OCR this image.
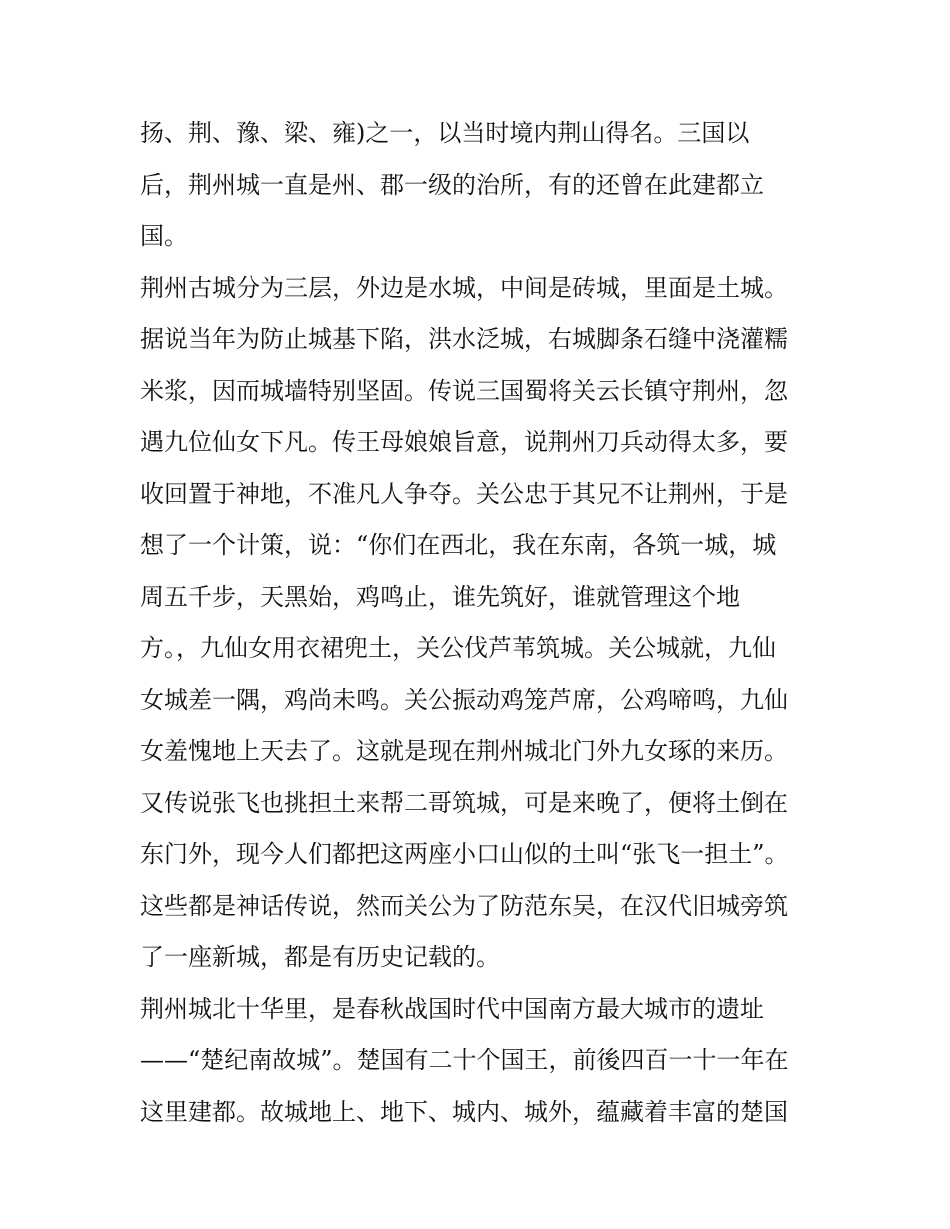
扬、荆、豫、梁、雍)之一，以当时境内荆山得名。三国以

后，荆州城一直是州、郡一级的治所，有的还曾在此建都立

国。

荆州古城分为三层，外边是水城，中间是砖城，里面是土城。

据说当年为防止城基下陷，洪水泛城，右城脚条石缝中浇灌糯

米浆，因而城墙特别坚固。传说三国蜀将关云长镇守荆州，忽

遇九位仙女下凡。传王母娘娘旨意，说荆州刀兵动得太多，要

收回置于神地，不准凡人争夺。关公忠于其兄不让荆州，于是

想了一个计策，说：“你们在西北，我在东南，各筑一城，城

周五千步，天黑始，鸡鸣止，谁先筑好，谁就管理这个地

方。，九仙女用衣裙兜土，关公伐芦苇筑城。关公城就，九仙

女城差一隅，鸡尚未鸣。关公振动鸡笼芦席，公鸡啼鸣，九仙

女羞愧地上天去了。这就是现在荆州城北门外九女琢的来历。

又传说张飞也挑担土来帮二哥筑城，可是来晚了，便将土倒在

东门外，现今人们都把这两座小口山似的土叫“张飞一担土”。

这些都是神话传说，然而关公为了防范东吴，在汉代旧城旁筑

了一座新城，都是有历史记载的。

荆州城北十华里，是春秋战国时代中国南方最大城市的遗址

——“楚纪南故城”。楚国有二十个国王，前後四百一十一年在

这里建都。故城地上、地下、城内、城外，蕴藏着丰富的楚国
